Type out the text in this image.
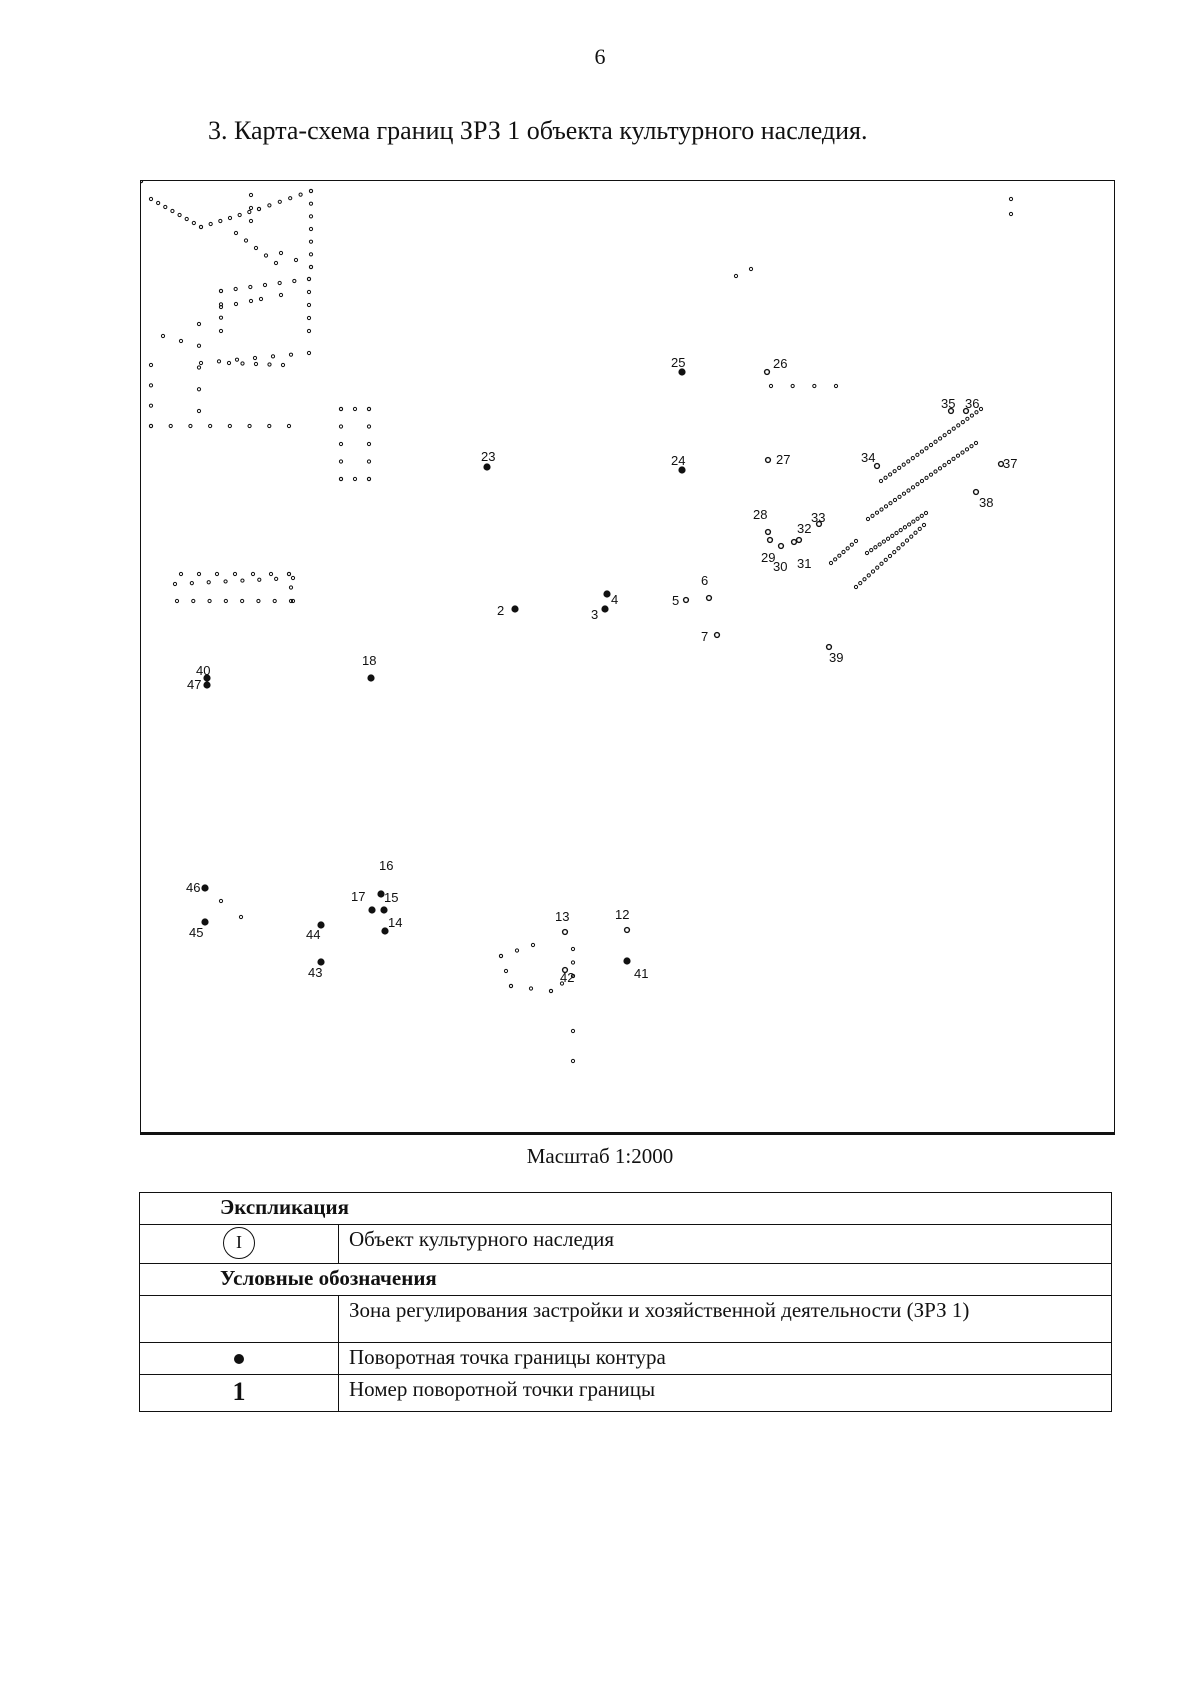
6
3. Карта-схема границ ЗРЗ 1 объекта культурного наследия.
2	3
4	5
6
7
12
13
14
15
16
17
18
23	24
25	26
27
28
29
30 31
32
33
34
35 36
37
38
39
40
41
42
43
44
45
46
47
Масштаб 1:2000
Экспликация	
I	Объект культурного наследия
Условные обозначения	
	Зона регулирования застройки и хозяйственной деятельности (ЗРЗ 1)
	Поворотная точка границы контура
1	Номер поворотной точки границы
